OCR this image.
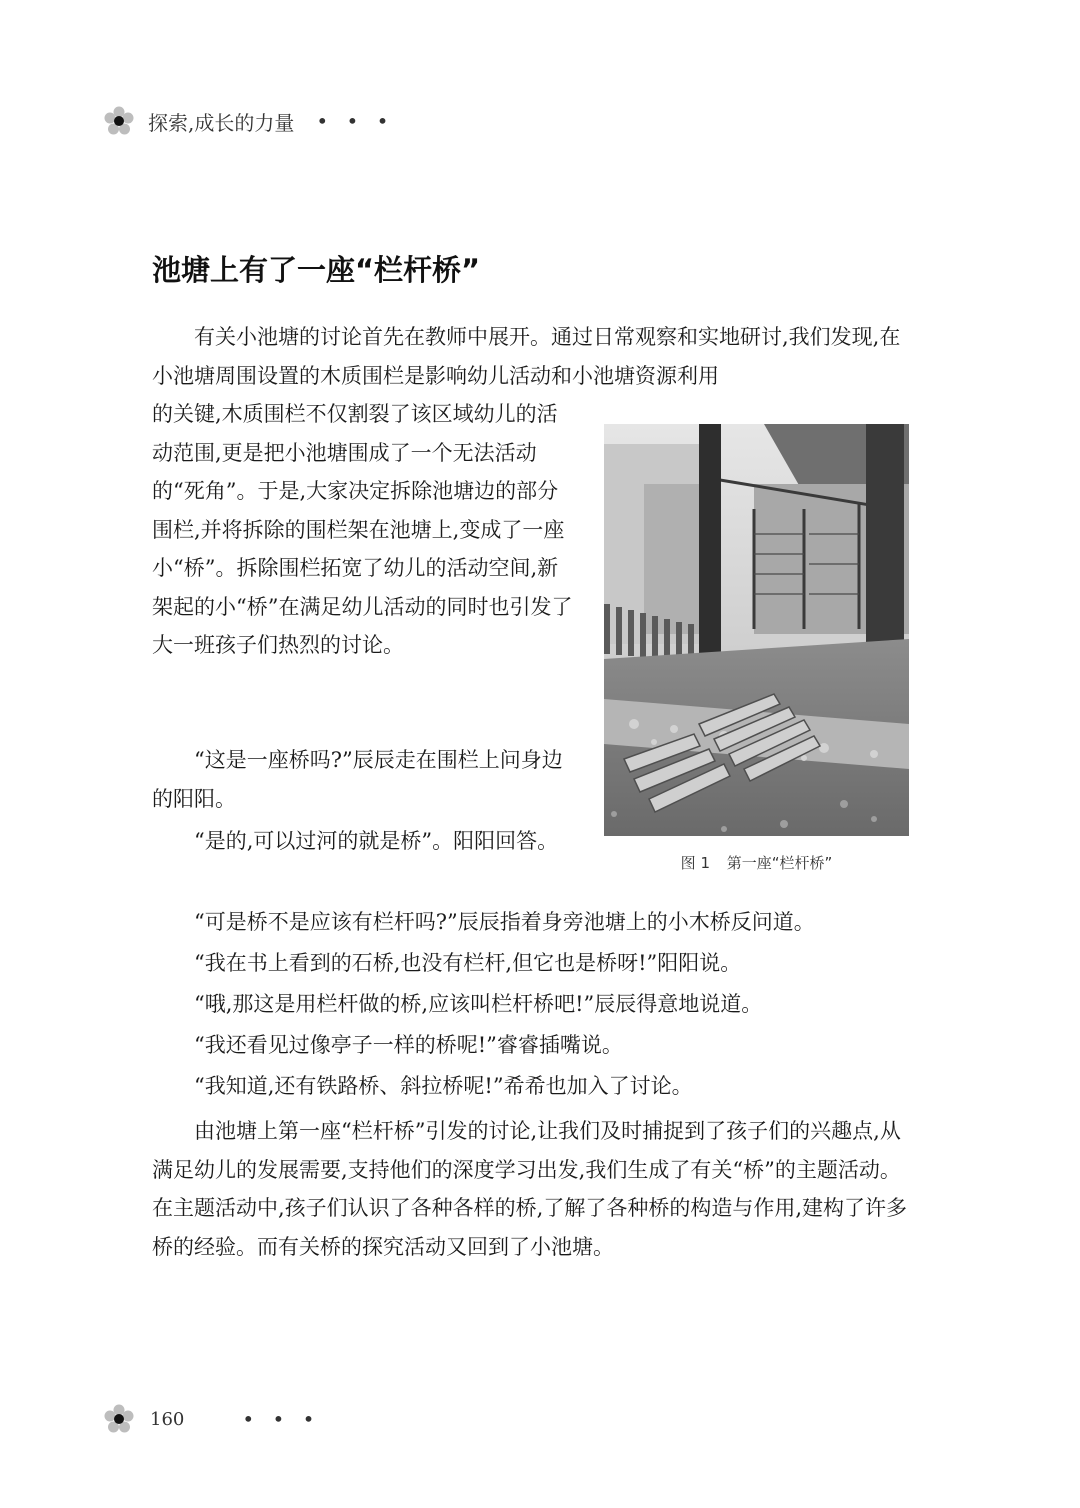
探索,成长的力量 • • •
池塘上有了一座“栏杆桥”

有关小池塘的讨论首先在教师中展开。通过日常观察和实地研讨,我们发现,在小池塘周围设置的木质围栏是影响幼儿活动和小池塘资源利用

的关键,木质围栏不仅割裂了该区域幼儿的活动范围,更是把小池塘围成了一个无法活动的“死角”。于是,大家决定拆除池塘边的部分围栏,并将拆除的围栏架在池塘上,变成了一座小“桥”。拆除围栏拓宽了幼儿的活动空间,新架起的小“桥”在满足幼儿活动的同时也引发了大一班孩子们热烈的讨论。

“这是一座桥吗?”辰辰走在围栏上问身边的阳阳。

“是的,可以过河的就是桥”。阳阳回答。

图 1 第一座“栏杆桥”

“可是桥不是应该有栏杆吗?”辰辰指着身旁池塘上的小木桥反问道。

“我在书上看到的石桥,也没有栏杆,但它也是桥呀!”阳阳说。

“哦,那这是用栏杆做的桥,应该叫栏杆桥吧!”辰辰得意地说道。

“我还看见过像亭子一样的桥呢!”睿睿插嘴说。

“我知道,还有铁路桥、斜拉桥呢!”希希也加入了讨论。

由池塘上第一座“栏杆桥”引发的讨论,让我们及时捕捉到了孩子们的兴趣点,从满足幼儿的发展需要,支持他们的深度学习出发,我们生成了有关“桥”的主题活动。在主题活动中,孩子们认识了各种各样的桥,了解了各种桥的构造与作用,建构了许多桥的经验。而有关桥的探究活动又回到了小池塘。

160	• • •
